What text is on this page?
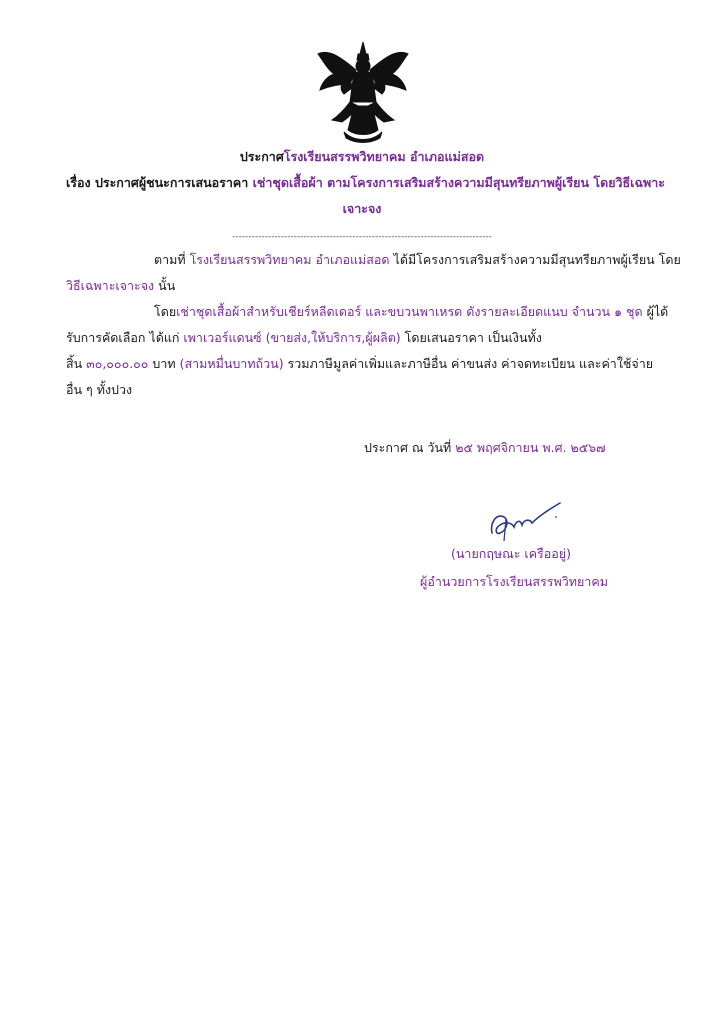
ประกาศโรงเรียนสรรพวิทยาคม อำเภอแม่สอด
เรื่อง ประกาศผู้ชนะการเสนอราคา เช่าชุดเสื้อผ้า ตามโครงการเสริมสร้างความมีสุนทรียภาพผู้เรียน โดยวิธีเฉพาะ
เจาะจง
--------------------------------------------------------------------------------
ตามที่ โรงเรียนสรรพวิทยาคม อำเภอแม่สอด ได้มีโครงการเสริมสร้างความมีสุนทรียภาพผู้เรียน โดย
วิธีเฉพาะเจาะจง นั้น
โดยเช่าชุดเสื้อผ้าสำหรับเชียร์หลีดเดอร์ และขบวนพาเหรด ดังรายละเอียดแนบ จำนวน ๑ ชุด ผู้ได้
รับการคัดเลือก ได้แก่ เพาเวอร์แดนซ์ (ขายส่ง,ให้บริการ,ผู้ผลิต) โดยเสนอราคา เป็นเงินทั้ง
สิ้น ๓๐,๐๐๐.๐๐ บาท (สามหมื่นบาทถ้วน) รวมภาษีมูลค่าเพิ่มและภาษีอื่น ค่าขนส่ง ค่าจดทะเบียน และค่าใช้จ่าย
อื่น ๆ ทั้งปวง
ประกาศ ณ วันที่ ๒๕ พฤศจิกายน พ.ศ. ๒๕๖๗
(นายกฤษณะ เครืออยู่)
ผู้อำนวยการโรงเรียนสรรพวิทยาคม
